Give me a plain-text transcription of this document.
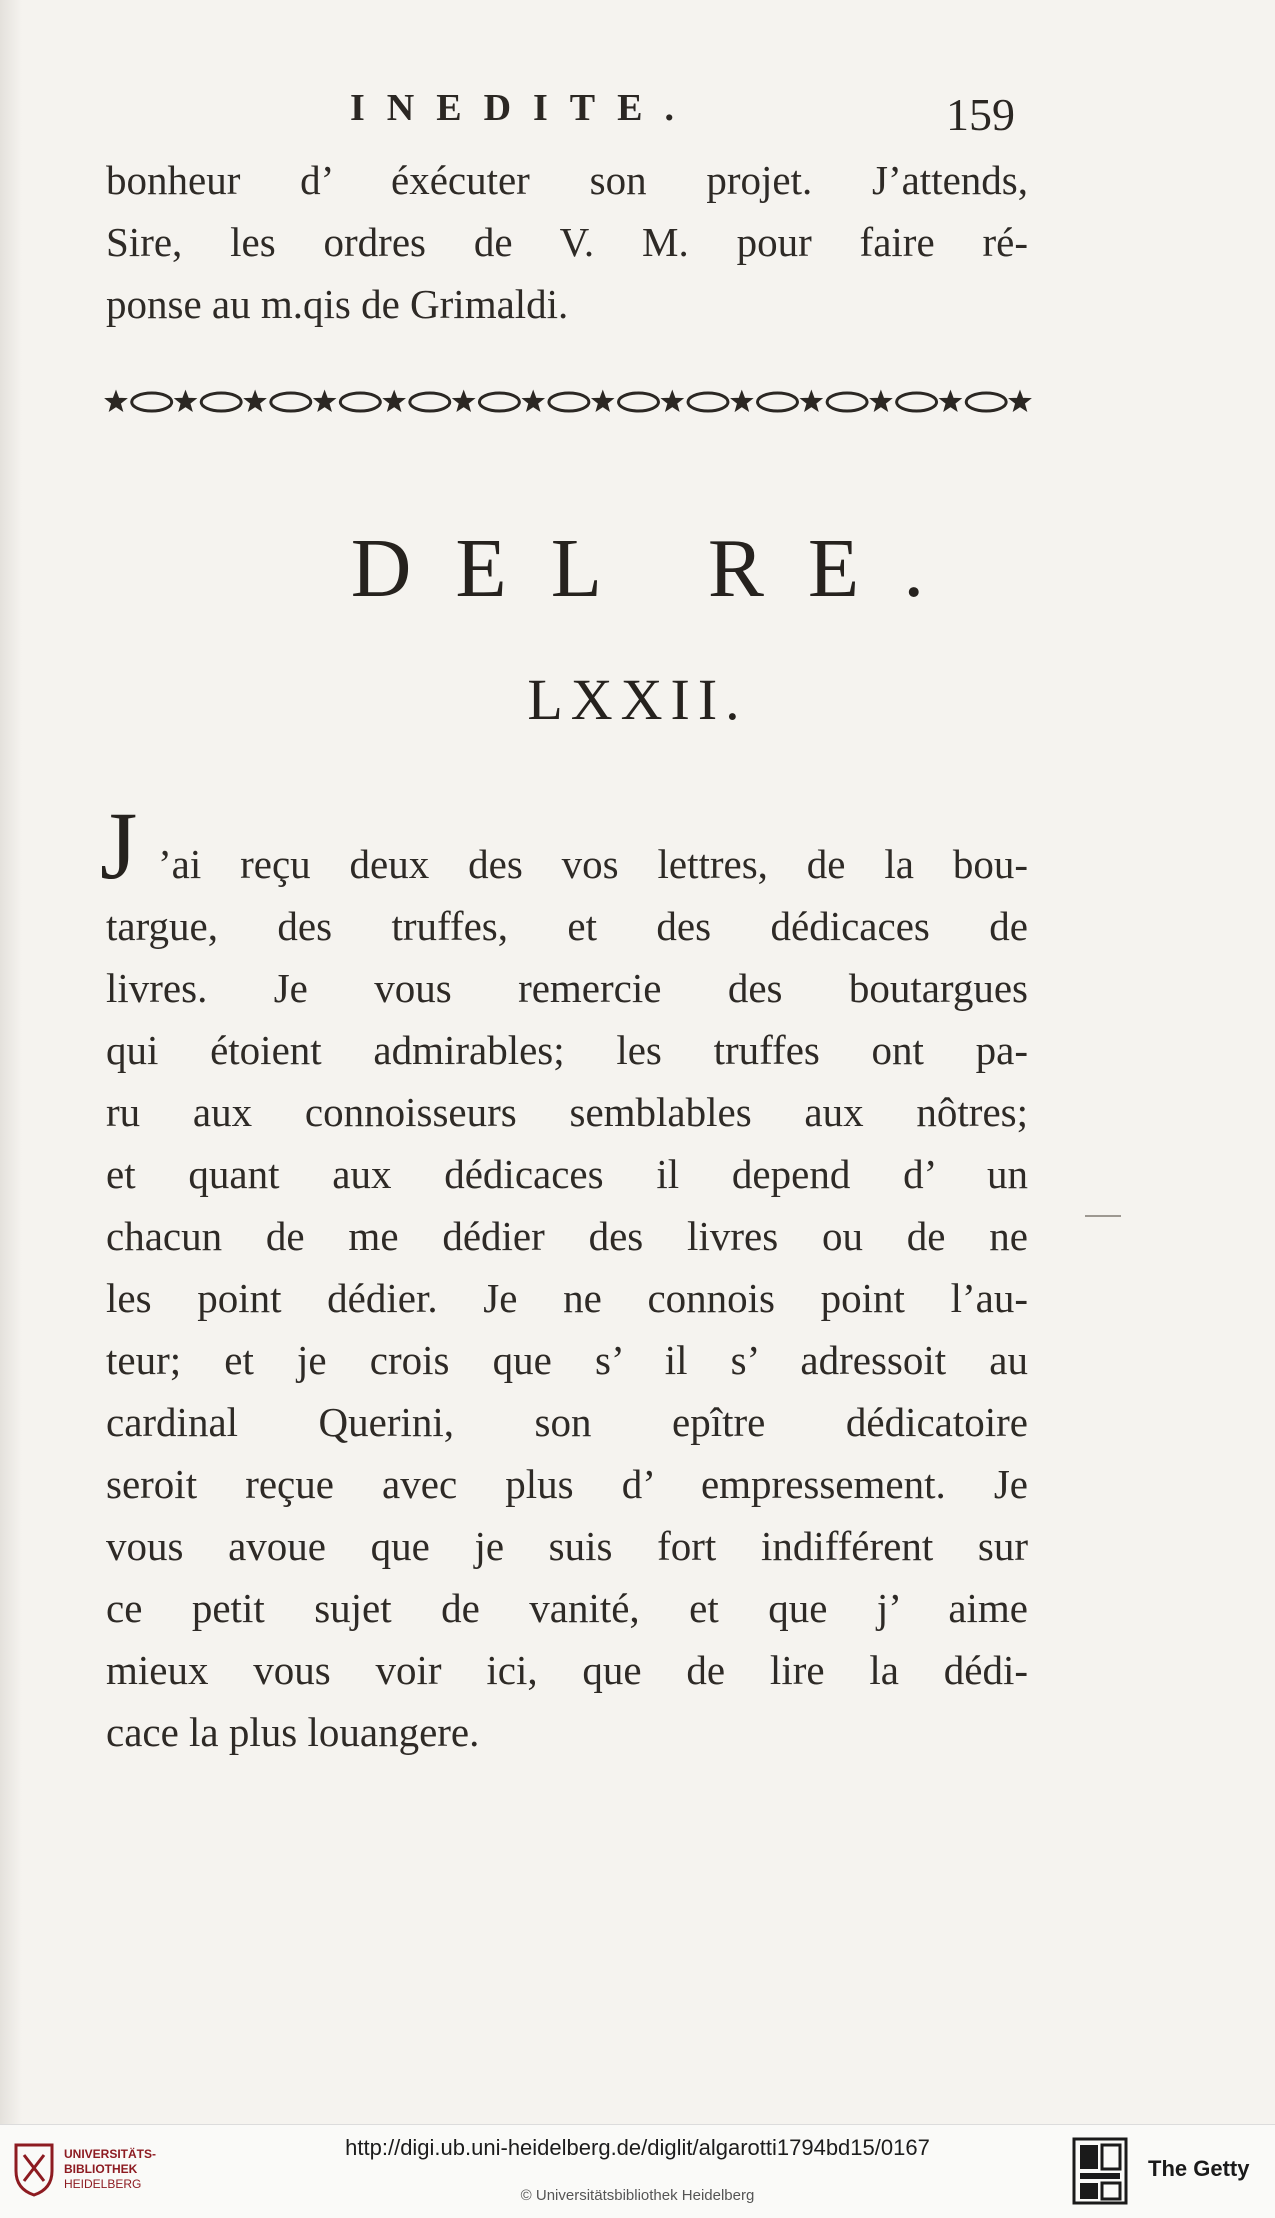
INEDITE.	159
bonheur d’ éxécuter son projet. J’attends,
Sire, les ordres de V. M. pour faire ré-
ponse au m.qis de Grimaldi.
DEL RE.
LXXII.
J ’ai reçu deux des vos lettres, de la bou-
targue, des truffes, et des dédicaces de
livres. Je vous remercie des boutargues
qui étoient admirables; les truffes ont pa-
ru aux connoisseurs semblables aux nôtres;
et quant aux dédicaces il depend d’ un
chacun de me dédier des livres ou de ne
les point dédier. Je ne connois point l’au-
teur; et je crois que s’ il s’ adressoit au
cardinal Querini, son epître dédicatoire
seroit reçue avec plus d’ empressement. Je
vous avoue que je suis fort indifférent sur
ce petit sujet de vanité, et que j’ aime
mieux vous voir ici, que de lire la dédi-
cace la plus louangere.
UNIVERSITÄTS-
BIBLIOTHEK
HEIDELBERG
http://digi.ub.uni-heidelberg.de/diglit/algarotti1794bd15/0167
© Universitätsbibliothek Heidelberg
The Getty
